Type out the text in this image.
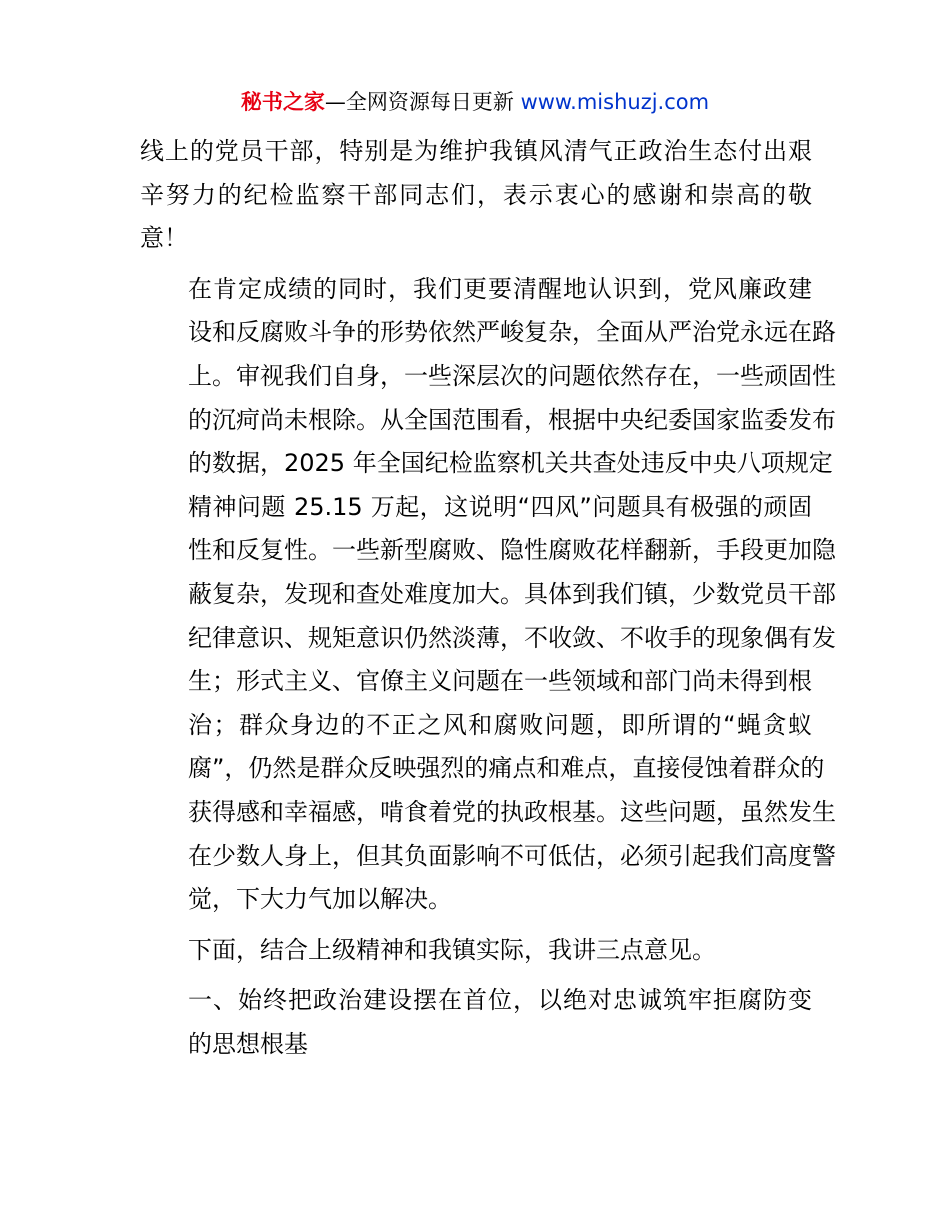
秘书之家—全网资源每日更新 www.mishuzj.com

线上的党员干部，特别是为维护我镇风清气正政治生态付出艰
辛努力的纪检监察干部同志们，表示衷心的感谢和崇高的敬
意！

在肯定成绩的同时，我们更要清醒地认识到，党风廉政建
设和反腐败斗争的形势依然严峻复杂，全面从严治党永远在路
上。审视我们自身，一些深层次的问题依然存在，一些顽固性
的沉疴尚未根除。从全国范围看，根据中央纪委国家监委发布
的数据，2025 年全国纪检监察机关共查处违反中央八项规定
精神问题 25.15 万起，这说明“四风”问题具有极强的顽固
性和反复性。一些新型腐败、隐性腐败花样翻新，手段更加隐
蔽复杂，发现和查处难度加大。具体到我们镇，少数党员干部
纪律意识、规矩意识仍然淡薄，不收敛、不收手的现象偶有发
生；形式主义、官僚主义问题在一些领域和部门尚未得到根
治；群众身边的不正之风和腐败问题，即所谓的“蝇贪蚁
腐”，仍然是群众反映强烈的痛点和难点，直接侵蚀着群众的
获得感和幸福感，啃食着党的执政根基。这些问题，虽然发生
在少数人身上，但其负面影响不可低估，必须引起我们高度警
觉，下大力气加以解决。

下面，结合上级精神和我镇实际，我讲三点意见。

一、始终把政治建设摆在首位，以绝对忠诚筑牢拒腐防变
的思想根基
